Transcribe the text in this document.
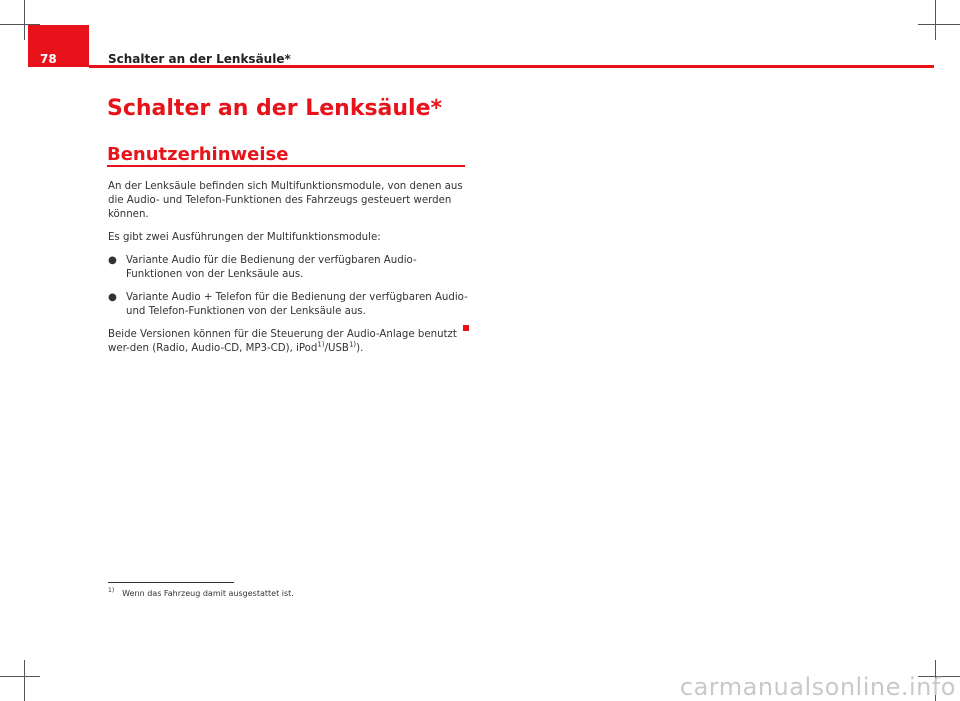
78	Schalter an der Lenksäule*
Schalter an der Lenksäule*
Benutzerhinweise

An der Lenksäule befinden sich Multifunktionsmodule, von denen aus die Audio- und Telefon-Funktionen des Fahrzeugs gesteuert werden können.

Es gibt zwei Ausführungen der Multifunktionsmodule:

● Variante Audio für die Bedienung der verfügbaren Audio-Funktionen von der Lenksäule aus.
● Variante Audio + Telefon für die Bedienung der verfügbaren Audio- und Telefon-Funktionen von der Lenksäule aus.

Beide Versionen können für die Steuerung der Audio-Anlage benutzt wer-den (Radio, Audio-CD, MP3-CD), iPod$^{1)}$/USB$^{1)}$).

$^{1)}$ Wenn das Fahrzeug damit ausgestattet ist.
carmanualsonline.info
